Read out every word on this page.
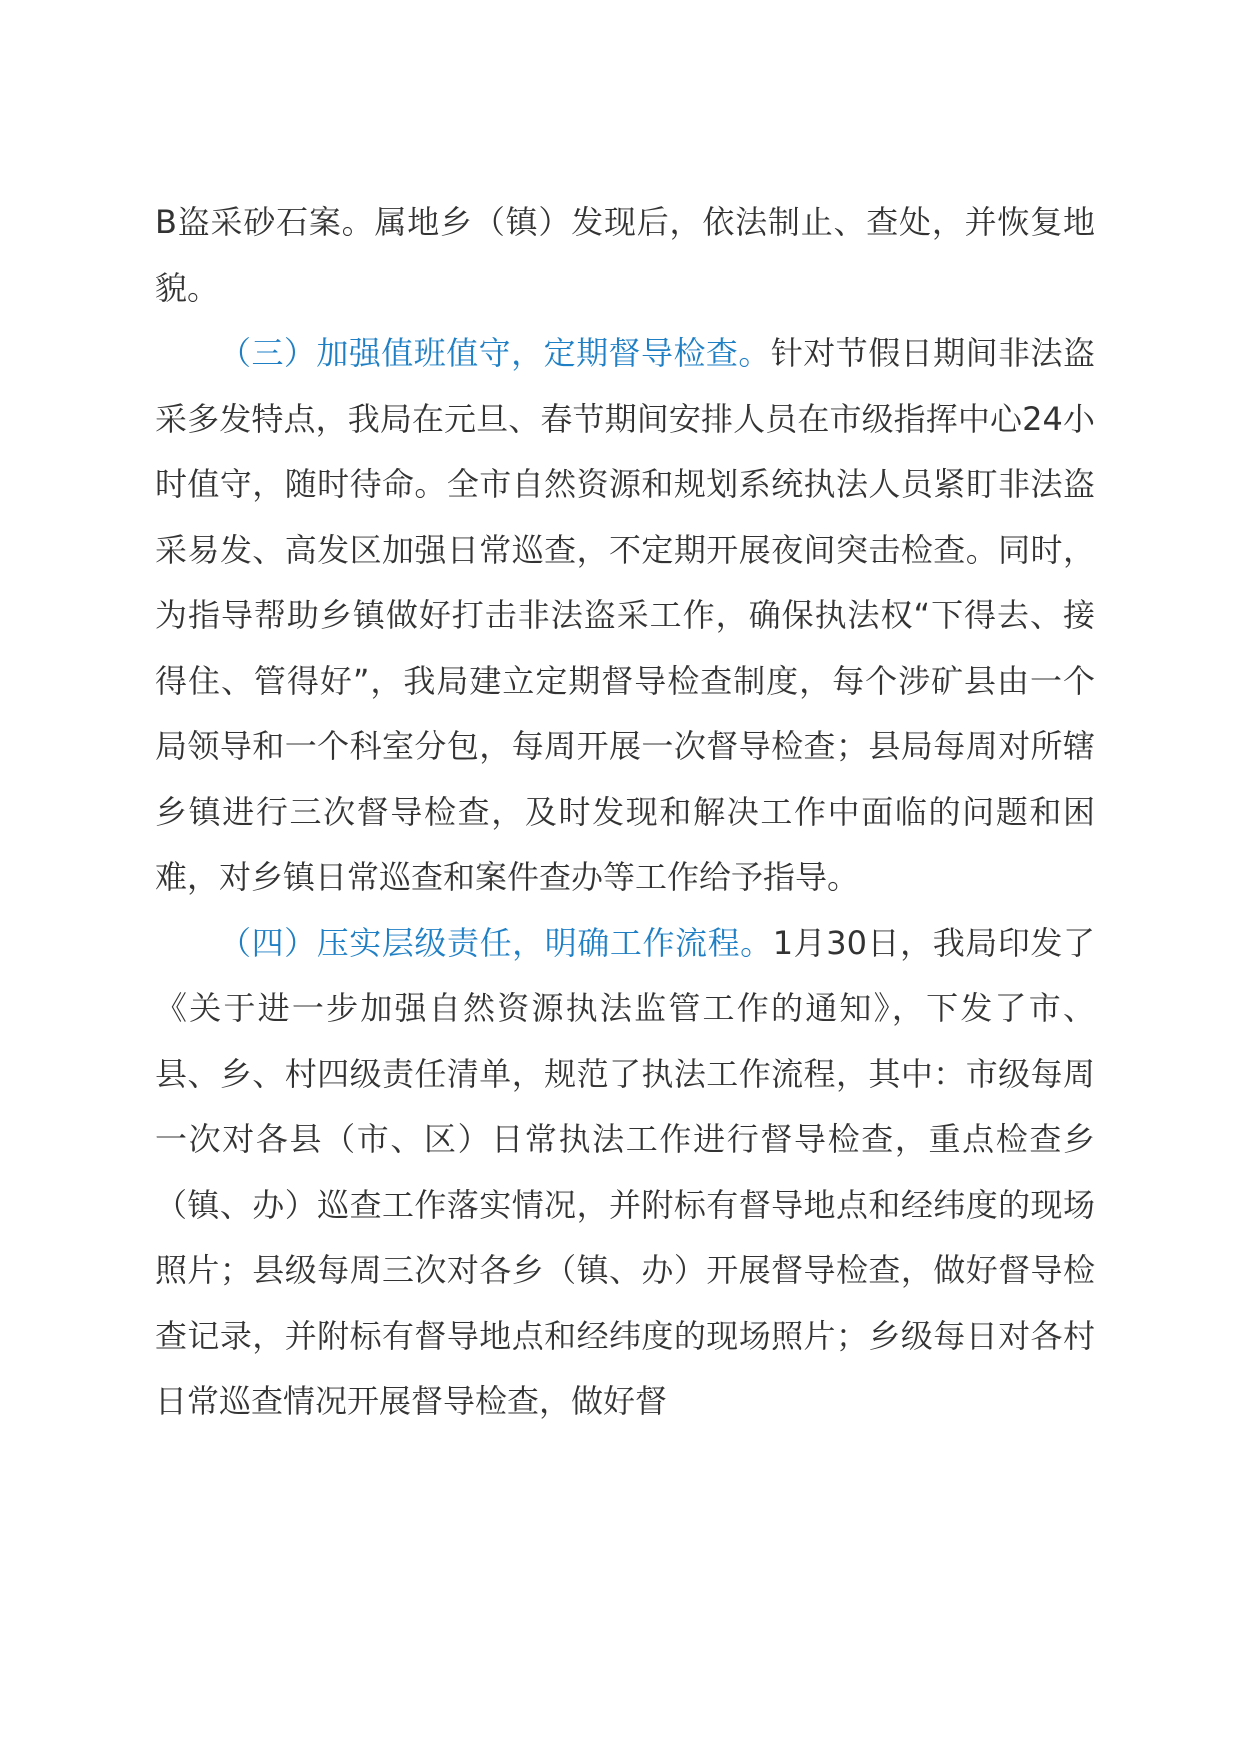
B盗采砂石案。属地乡（镇）发现后，依法制止、查处，并恢复地貌。

（三）加强值班值守，定期督导检查。针对节假日期间非法盗采多发特点，我局在元旦、春节期间安排人员在市级指挥中心24小时值守，随时待命。全市自然资源和规划系统执法人员紧盯非法盗采易发、高发区加强日常巡查，不定期开展夜间突击检查。同时，为指导帮助乡镇做好打击非法盗采工作，确保执法权“下得去、接得住、管得好”，我局建立定期督导检查制度，每个涉矿县由一个局领导和一个科室分包，每周开展一次督导检查；县局每周对所辖乡镇进行三次督导检查，及时发现和解决工作中面临的问题和困难，对乡镇日常巡查和案件查办等工作给予指导。

（四）压实层级责任，明确工作流程。1月30日，我局印发了《关于进一步加强自然资源执法监管工作的通知》，下发了市、县、乡、村四级责任清单，规范了执法工作流程，其中：市级每周一次对各县（市、区）日常执法工作进行督导检查，重点检查乡（镇、办）巡查工作落实情况，并附标有督导地点和经纬度的现场照片；县级每周三次对各乡（镇、办）开展督导检查，做好督导检查记录，并附标有督导地点和经纬度的现场照片；乡级每日对各村日常巡查情况开展督导检查，做好督
